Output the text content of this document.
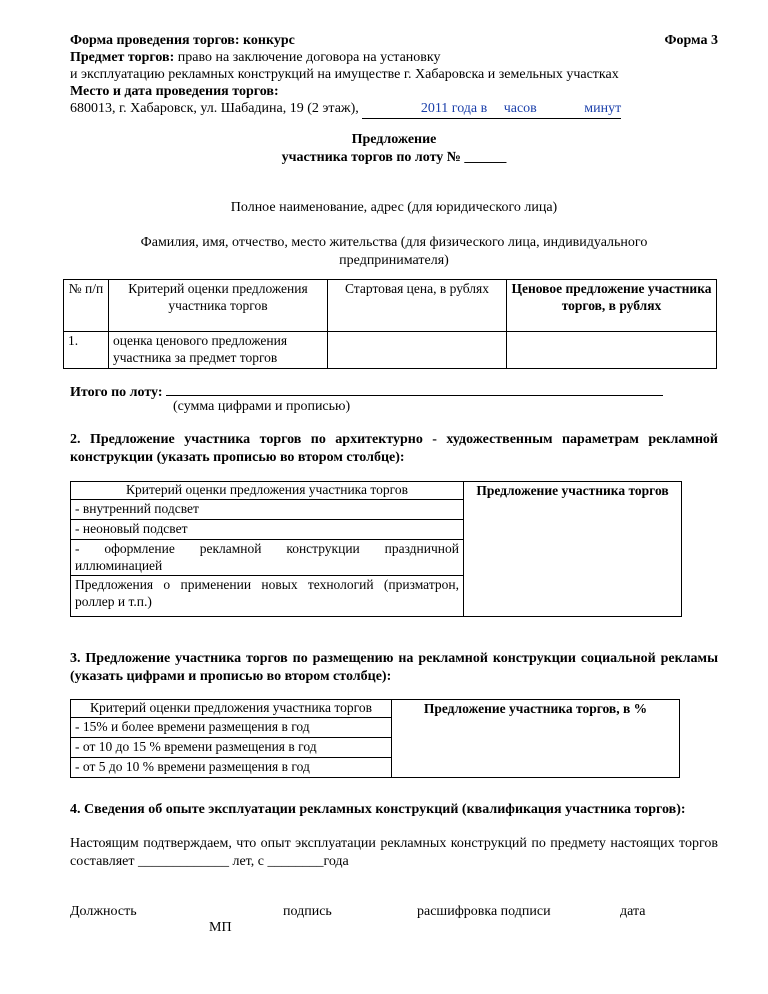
Форма проведения торгов: конкурс	Форма 3
Предмет торгов: право на заключение договора на установку
и эксплуатацию рекламных конструкций на имуществе г. Хабаровска и земельных участках
Место и дата проведения торгов:
680013, г. Хабаровск, ул. Шабадина, 19 (2 этаж),	2011 года в часов	минут
Предложение
участника торгов по лоту № ______
Полное наименование, адрес (для юридического лица)
Фамилия, имя, отчество, место жительства (для физического лица, индивидуального предпринимателя)
№ п/п	Критерий оценки предложения участника торгов	Стартовая цена, в рублях	Ценовое предложение участника торгов, в рублях
1.	оценка ценового предложения участника за предмет торгов		
Итого по лоту:
(сумма цифрами и прописью)
2. Предложение участника торгов по архитектурно - художественным параметрам рекламной конструкции (указать прописью во втором столбце):
Критерий оценки предложения участника торгов	Предложение участника торгов
- внутренний подсвет
- неоновый подсвет
- оформление рекламной конструкции праздничной иллюминацией
Предложения о применении новых технологий (призматрон, роллер и т.п.)
3. Предложение участника торгов по размещению на рекламной конструкции социальной рекламы (указать цифрами и прописью во втором столбце):
Критерий оценки предложения участника торгов	Предложение участника торгов, в %
- 15% и более времени размещения в год
- от 10 до 15 % времени размещения в год
- от 5 до 10 % времени размещения в год
4. Сведения об опыте эксплуатации рекламных конструкций (квалификация участника торгов):
Настоящим подтверждаем, что опыт эксплуатации рекламных конструкций по предмету настоящих торгов составляет _____________ лет, с ________года
Должность	подпись	расшифровка подписи	дата
МП
